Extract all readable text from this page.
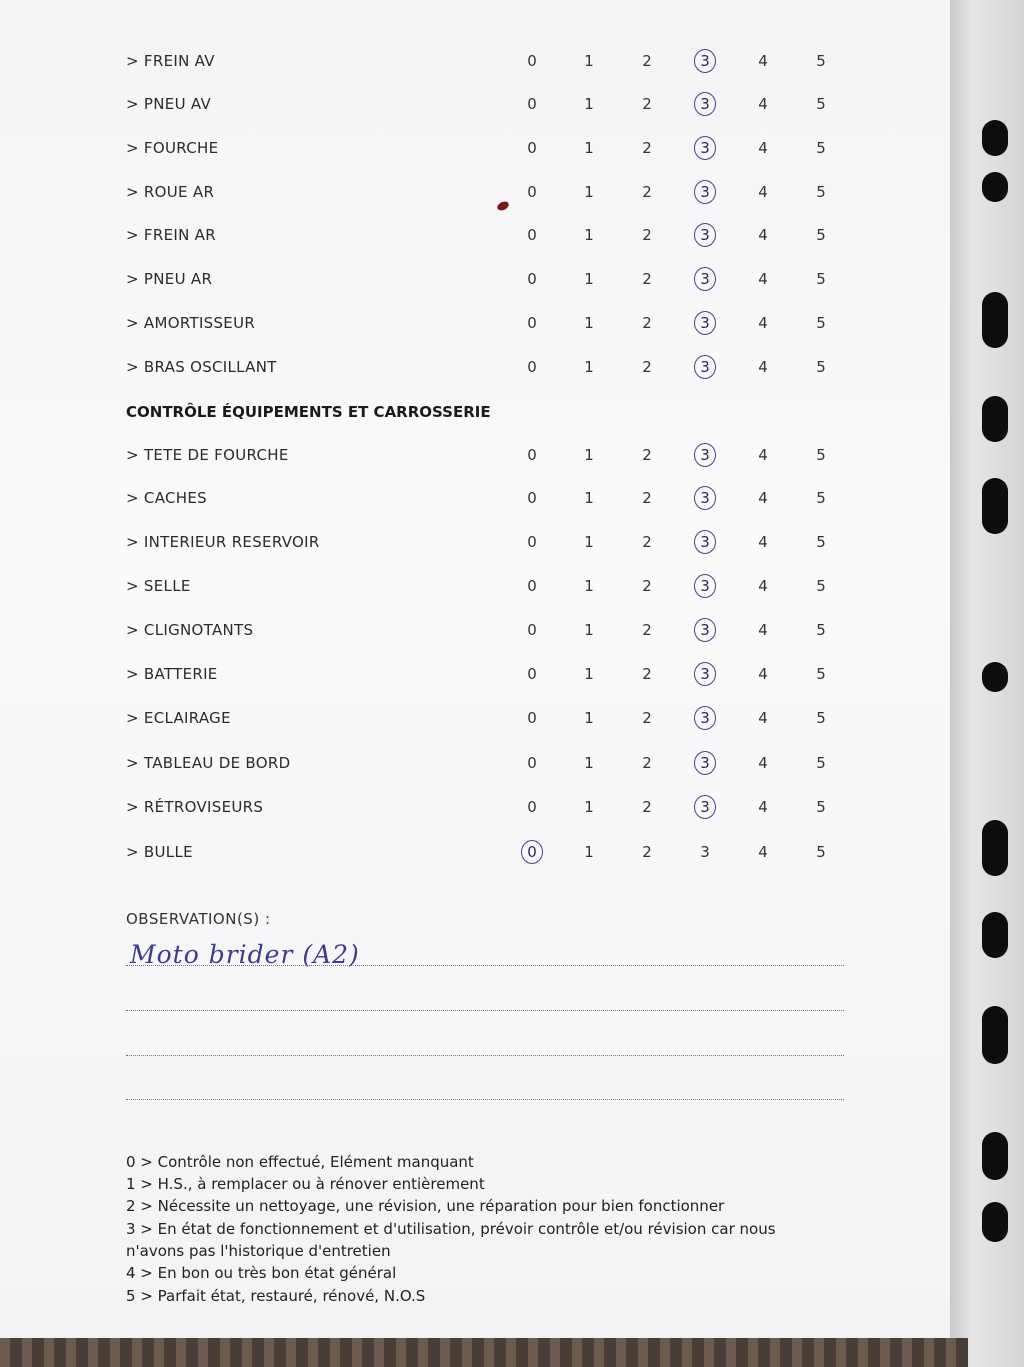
> FREIN AV	0	1	2	3	4	5
> PNEU AV	0	1	2	3	4	5
> FOURCHE	0	1	2	3	4	5
> ROUE AR	0	1	2	3	4	5
> FREIN AR	0	1	2	3	4	5
> PNEU AR	0	1	2	3	4	5
> AMORTISSEUR	0	1	2	3	4	5
> BRAS OSCILLANT	0	1	2	3	4	5
CONTRÔLE ÉQUIPEMENTS ET CARROSSERIE
> TETE DE FOURCHE	0	1	2	3	4	5
> CACHES	0	1	2	3	4	5
> INTERIEUR RESERVOIR	0	1	2	3	4	5
> SELLE	0	1	2	3	4	5
> CLIGNOTANTS	0	1	2	3	4	5
> BATTERIE	0	1	2	3	4	5
> ECLAIRAGE	0	1	2	3	4	5
> TABLEAU DE BORD	0	1	2	3	4	5
> RÉTROVISEURS	0	1	2	3	4	5
> BULLE	0	1	2	3	4	5
OBSERVATION(S) :
Moto brider (A2)
0 > Contrôle non effectué, Elément manquant
1 > H.S., à remplacer ou à rénover entièrement
2 > Nécessite un nettoyage, une révision, une réparation pour bien fonctionner
3 > En état de fonctionnement et d'utilisation, prévoir contrôle et/ou révision car nous
n'avons pas l'historique d'entretien
4 > En bon ou très bon état général
5 > Parfait état, restauré, rénové, N.O.S
